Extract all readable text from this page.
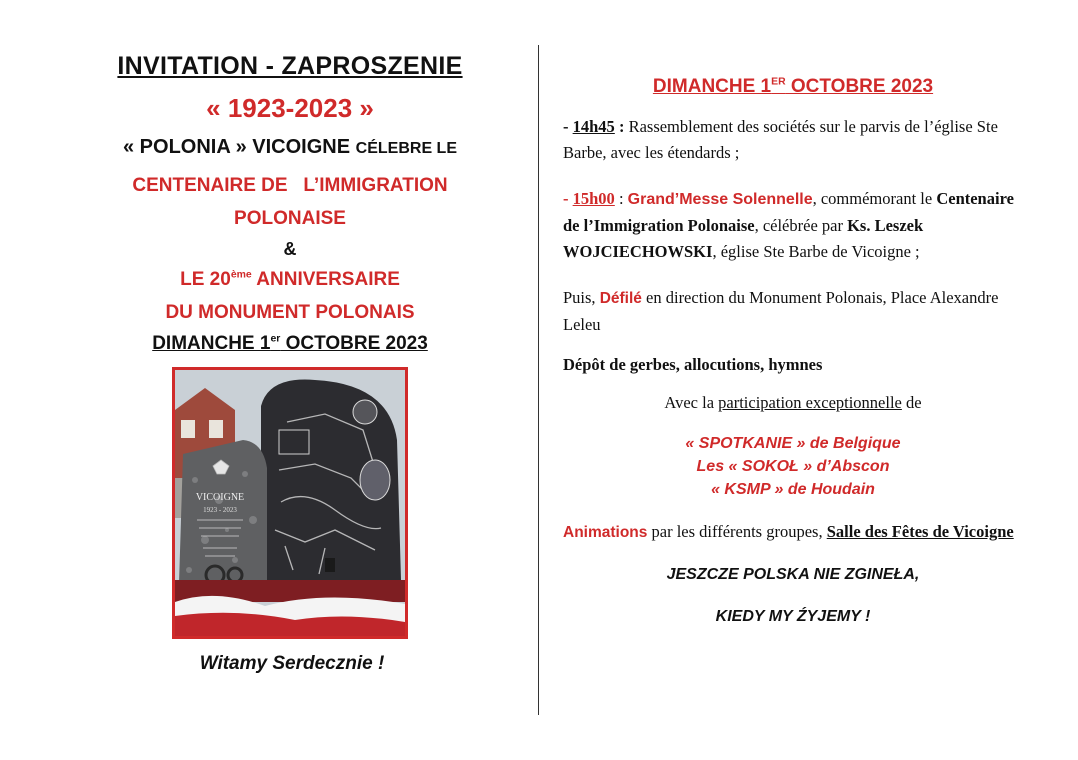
INVITATION - ZAPROSZENIE
« 1923-2023 »
« POLONIA » VICOIGNE CÉLEBRE LE
CENTENAIRE DE   L’IMMIGRATION
POLONAISE
&
LE 20ème ANNIVERSAIRE
DU MONUMENT POLONAIS
DIMANCHE 1er OCTOBRE 2023
VICOIGNE
1923 - 2023
Witamy Serdecznie !
DIMANCHE 1ER OCTOBRE 2023
- 14h45 : Rassemblement des sociétés sur le parvis de l’église Ste Barbe, avec les étendards ;
- 15h00 : Grand’Messe Solennelle, commémorant le Centenaire de l’Immigration Polonaise, célébrée par Ks. Leszek WOJCIECHOWSKI, église Ste Barbe de Vicoigne ;
Puis, Défilé en direction du Monument Polonais, Place Alexandre Leleu
Dépôt de gerbes, allocutions, hymnes
Avec la participation exceptionnelle de
« SPOTKANIE » de Belgique
Les « SOKOŁ » d’Abscon
« KSMP » de Houdain
Animations par les différents groupes, Salle des Fêtes de Vicoigne
JESZCZE POLSKA NIE ZGINEŁA,
KIEDY MY ŹYJEMY !
